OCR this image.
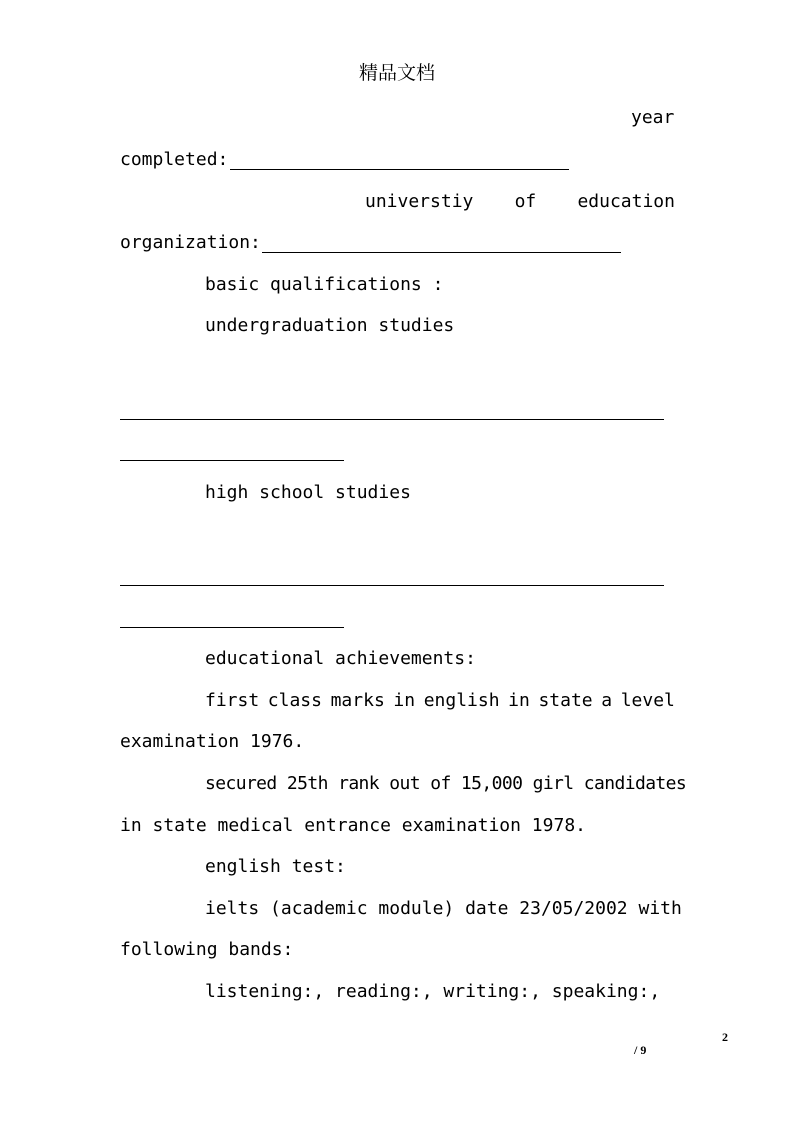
精品文档
year
completed:
universtiy of education
organization:
basic qualifications :
undergraduation studies
high school studies
educational achievements:
first class marks in english in state a level
examination 1976.
secured 25th rank out of 15,000 girl candidates
in state medical entrance examination 1978.
english test:
ielts (academic module) date 23/05/2002 with
following bands:
listening:, reading:, writing:, speaking:,
2
/ 9
